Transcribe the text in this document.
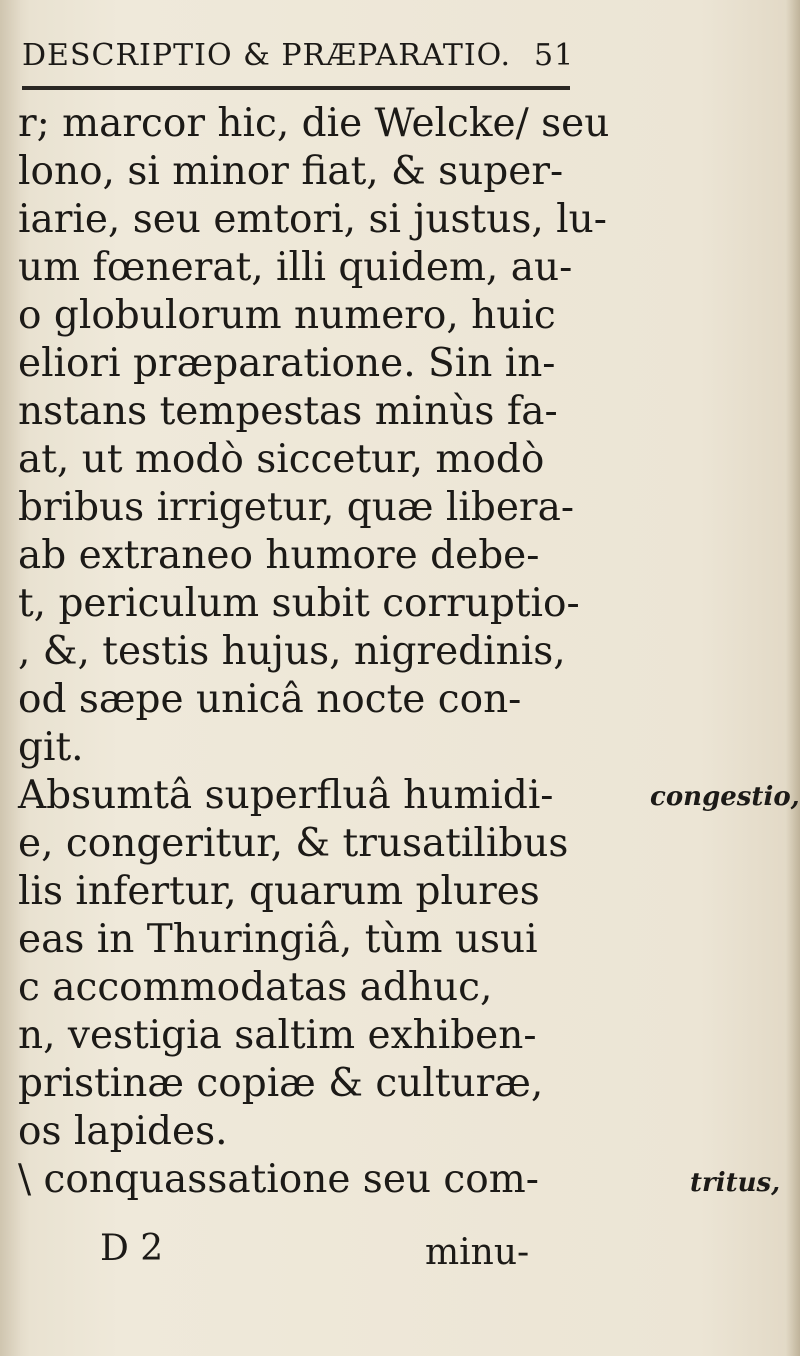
DESCRIPTIO & PRÆPARATIO. 51
r; marcor hic, die Welcke/ seu
lono, si minor fiat, & super-
iarie, seu emtori, si justus, lu-
um fœnerat, illi quidem, au-
o globulorum numero, huic
eliori præparatione. Sin in-
nstans tempestas minùs fa-
at, ut modò siccetur, modò
bribus irrigetur, quæ libera-
ab extraneo humore debe-
t, periculum subit corruptio-
, &, testis hujus, nigredinis,
od sæpe unicâ nocte con-
git.
Absumtâ superfluâ humidi-
e, congeritur, & trusatilibus
lis infertur, quarum plures
eas in Thuringiâ, tùm usui
c accommodatas adhuc,
n, vestigia saltim exhiben-
pristinæ copiæ & culturæ,
os lapides.
\ conquassatione seu com-
congestio,
tritus,
D 2	minu-
